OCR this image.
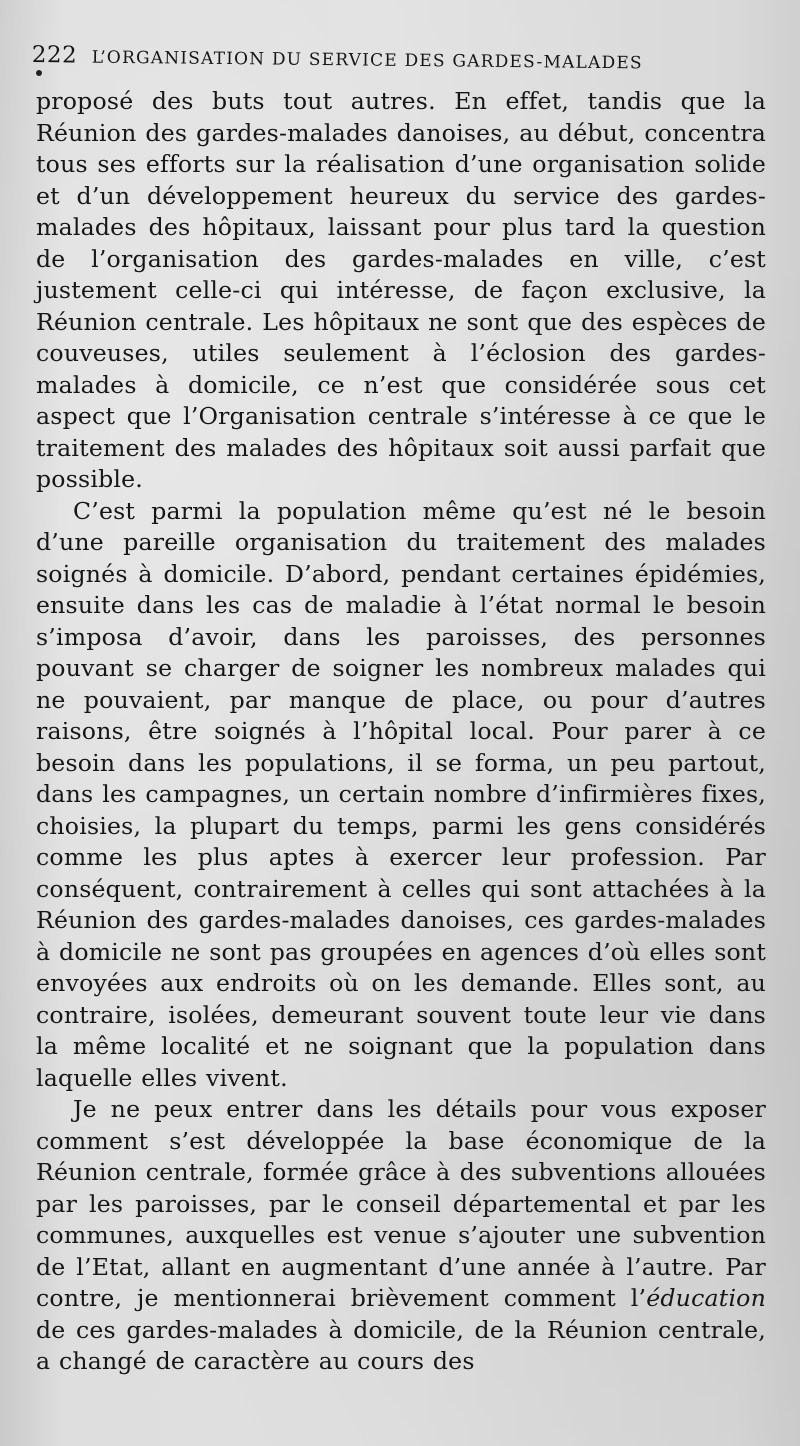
222 L’ORGANISATION DU SERVICE DES GARDES-MALADES

proposé des buts tout autres. En effet, tandis que la Réunion des gardes-malades danoises, au début, concentra tous ses efforts sur la réalisation d’une organisation solide et d’un développement heureux du service des gardes-malades des hôpitaux, laissant pour plus tard la question de l’organisation des gardes-malades en ville, c’est justement celle-ci qui intéresse, de façon exclusive, la Réunion centrale. Les hôpitaux ne sont que des espèces de couveuses, utiles seulement à l’éclosion des gardes-malades à domicile, ce n’est que considérée sous cet aspect que l’Organisation centrale s’intéresse à ce que le traitement des malades des hôpitaux soit aussi parfait que possible.

C’est parmi la population même qu’est né le besoin d’une pareille organisation du traitement des malades soignés à domicile. D’abord, pendant certaines épidémies, ensuite dans les cas de maladie à l’état normal le besoin s’imposa d’avoir, dans les paroisses, des personnes pouvant se charger de soigner les nombreux malades qui ne pouvaient, par manque de place, ou pour d’autres raisons, être soignés à l’hôpital local. Pour parer à ce besoin dans les populations, il se forma, un peu partout, dans les campagnes, un certain nombre d’infirmières fixes, choisies, la plupart du temps, parmi les gens considérés comme les plus aptes à exercer leur profession. Par conséquent, contrairement à celles qui sont attachées à la Réunion des gardes-malades danoises, ces gardes-malades à domicile ne sont pas groupées en agences d’où elles sont envoyées aux endroits où on les demande. Elles sont, au contraire, isolées, demeurant souvent toute leur vie dans la même localité et ne soignant que la population dans laquelle elles vivent.

Je ne peux entrer dans les détails pour vous exposer comment s’est développée la base économique de la Réunion centrale, formée grâce à des subventions allouées par les paroisses, par le conseil départemental et par les communes, auxquelles est venue s’ajouter une subvention de l’Etat, allant en augmentant d’une année à l’autre. Par contre, je mentionnerai brièvement comment l’éducation de ces gardes-malades à domicile, de la Réunion centrale, a changé de caractère au cours des
